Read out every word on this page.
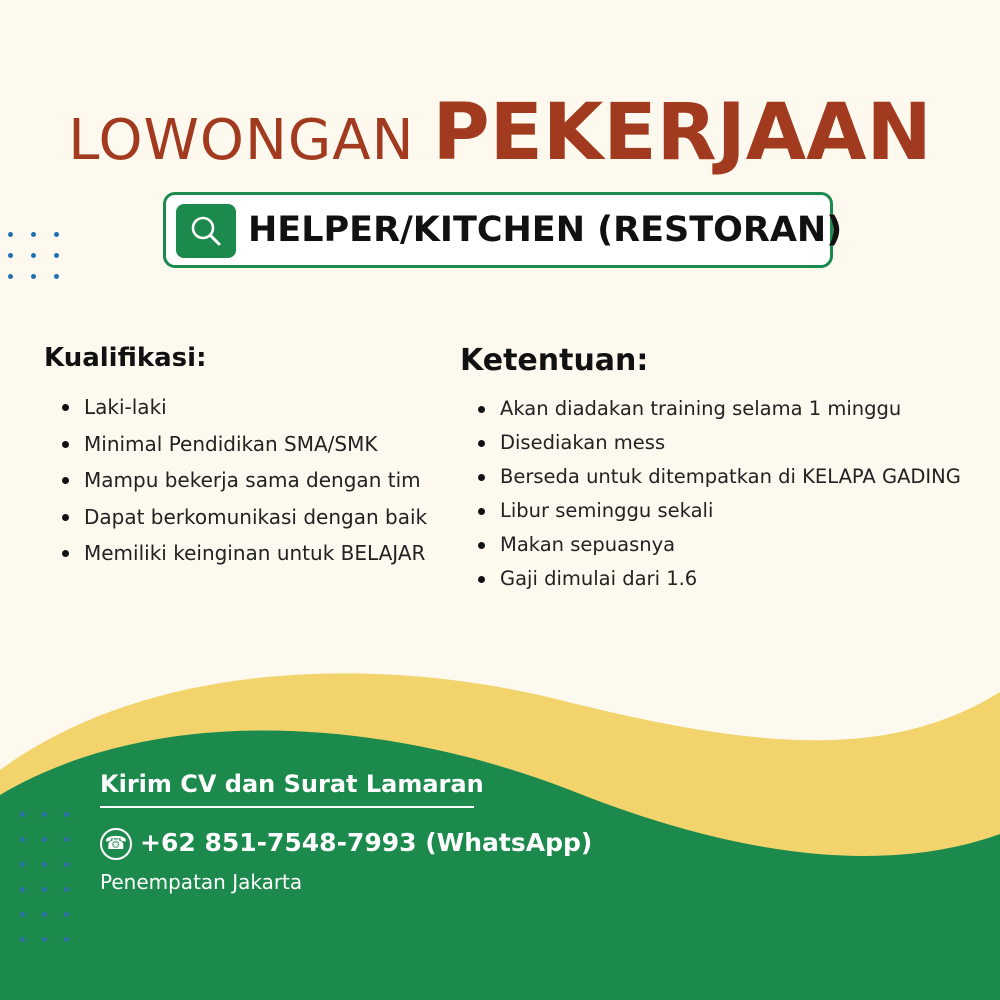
LOWONGAN PEKERJAAN
HELPER/KITCHEN (RESTORAN)
Kualifikasi:
Laki-laki
Minimal Pendidikan SMA/SMK
Mampu bekerja sama dengan tim
Dapat berkomunikasi dengan baik
Memiliki keinginan untuk BELAJAR
Ketentuan:
Akan diadakan training selama 1 minggu
Disediakan mess
Berseda untuk ditempatkan di KELAPA GADING
Libur seminggu sekali
Makan sepuasnya
Gaji dimulai dari 1.6
Kirim CV dan Surat Lamaran
☎ +62 851-7548-7993 (WhatsApp)
Penempatan Jakarta
